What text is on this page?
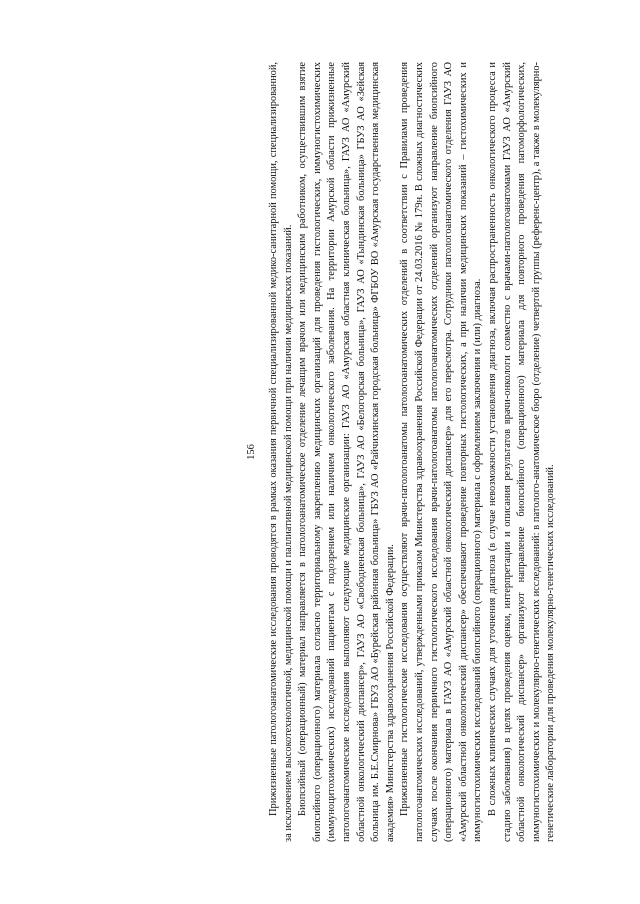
156 Прижизненные патологоанатомические исследования проводятся в рамках оказания первичной специализированной медико-санитарной помощи, специализированной, за исключением высокотехнологичной, медицинской помощи и паллиативной медицинской помощи при наличии медицинских показаний. Биопсийный (операционный) материал направляется в патологоанатомическое отделение лечащим врачом или медицинским работником, осуществившим взятие биопсийного (операционного) материала согласно территориальному закреплению медицинских организаций для проведения гистологических, иммуногистохимических (иммуноцитохимических) исследований пациентам с подозрением или наличием онкологического заболевания. На территории Амурской области прижизненные патологоанатомические исследования выполняют следующие медицинские организации: ГАУЗ АО «Амурская областная клиническая больница», ГАУЗ АО «Амурский областной онкологический диспансер», ГАУЗ АО «Свободненская больница», ГАУЗ АО «Белогорская больница», ГАУЗ АО «Тындинская больница» ГБУЗ АО «Зейская больница им. Б.Е.Смирнова» ГБУЗ АО «Бурейская районная больница» ГБУЗ АО «Райчихинская городская больница» ФГБОУ ВО «Амурская государственная медицинская академия» Министерства здравоохранения Российской Федерации. Прижизненные гистологические исследования осуществляют врачи-патологоанатомы патологоанатомических отделений в соответствии с Правилами проведения патологоанатомических исследований, утвержденными приказом Министерства здравоохранения Российской Федерации от 24.03.2016 № 179н. В сложных диагностических случаях после окончания первичного гистологического исследования врачи-патологоанатомы патологоанатомических отделений организуют направление биопсийного (операционного) материала в ГАУЗ АО «Амурский областной онкологический диспансер» для его пересмотра. Сотрудники патологоанатомического отделения ГАУЗ АО «Амурский областной онкологический диспансер» обеспечивают проведение повторных гистологических, а при наличии медицинских показаний – гистохимических и иммуногистохимических исследований биопсийного (операционного) материала с оформлением заключения и (или) диагноза. В сложных клинических случаях для уточнения диагноза (в случае невозможности установления диагноза, включая распространенность онкологического процесса и стадию заболевания) в целях проведения оценки, интерпретации и описания результатов врачи-онкологи совместно с врачами-патологоанатомами ГАУЗ АО «Амурский областной онкологический диспансер» организуют направление биопсийного (операционного) материала для повторного проведения патоморфологических, иммуногистохимических и молекулярно-генетических исследований: в патолого-анатомическое бюро (отделение) четвертой группы (референс-центр), а также в молекулярно-генетические лаборатории для проведения молекулярно-генетических исследований.
